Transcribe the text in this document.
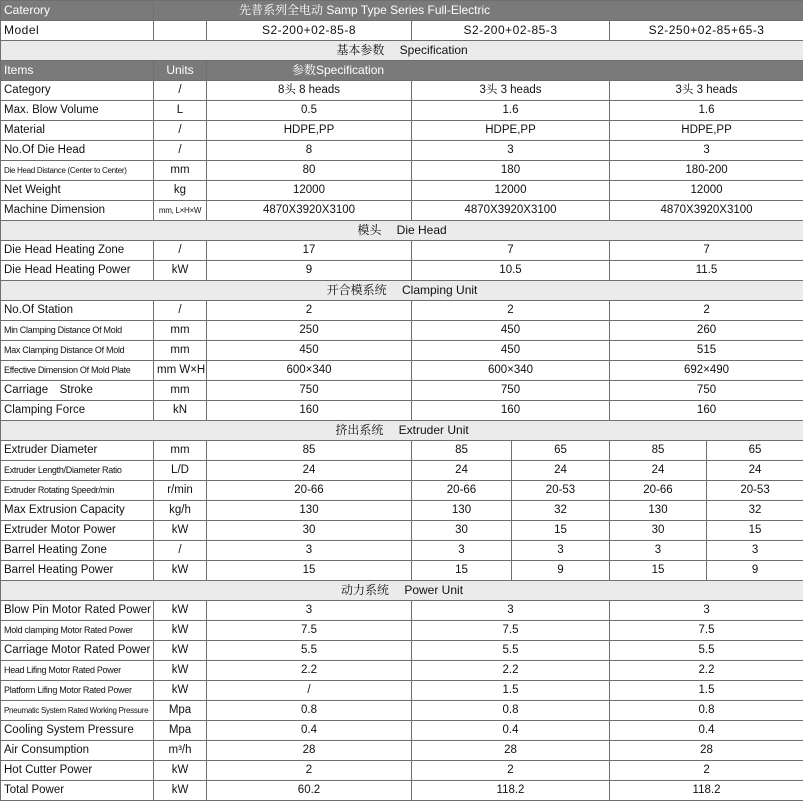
Caterory	先普系列全电动 Samp Type Series Full-Electric					
Model		S2-200+02-85-8	S2-200+02-85-3		S2-250+02-85+65-3	
基本参数　 Specification						
Items	Units	参数Specification				
Category	/	8头 8 heads	3头 3 heads		3头 3 heads	
Max. Blow Volume	L	0.5	1.6		1.6	
Material	/	HDPE,PP	HDPE,PP		HDPE,PP	
No.Of Die Head	/	8	3		3	
Die Head Distance (Center to Center)	mm	80	180		180-200	
Net Weight	kg	12000	12000		12000	
Machine Dimension	mm, L×H×W	4870X3920X3100	4870X3920X3100		4870X3920X3100	
模头　 Die Head						
Die Head Heating Zone	/	17	7		7	
Die Head Heating Power	kW	9	10.5		11.5	
开合模系统　 Clamping Unit						
No.Of Station	/	2	2		2	
Min Clamping Distance Of Mold	mm	250	450		260	
Max Clamping Distance Of Mold	mm	450	450		515	
Effective Dimension Of Mold Plate	mm W×H	600×340	600×340		692×490	
Carriage　Stroke	mm	750	750		750	
Clamping Force	kN	160	160		160	
挤出系统　 Extruder Unit						
Extruder Diameter	mm	85	85	65	85	65
Extruder Length/Diameter Ratio	L/D	24	24	24	24	24
Extruder Rotating Speedr/min	r/min	20-66	20-66	20-53	20-66	20-53
Max Extrusion Capacity	kg/h	130	130	32	130	32
Extruder Motor Power	kW	30	30	15	30	15
Barrel Heating Zone	/	3	3	3	3	3
Barrel Heating Power	kW	15	15	9	15	9
动力系统　 Power Unit						
Blow Pin Motor Rated Power	kW	3	3		3	
Mold clamping Motor Rated Power	kW	7.5	7.5		7.5	
Carriage Motor Rated Power	kW	5.5	5.5		5.5	
Head Lifing Motor Rated Power	kW	2.2	2.2		2.2	
Platform Lifing Motor Rated Power	kW	/	1.5		1.5	
Pneumatic System Rated Working Pressure	Mpa	0.8	0.8		0.8	
Cooling System Pressure	Mpa	0.4	0.4		0.4	
Air Consumption	m³/h	28	28		28	
Hot Cutter Power	kW	2	2		2	
Total Power	kW	60.2	118.2		118.2	
